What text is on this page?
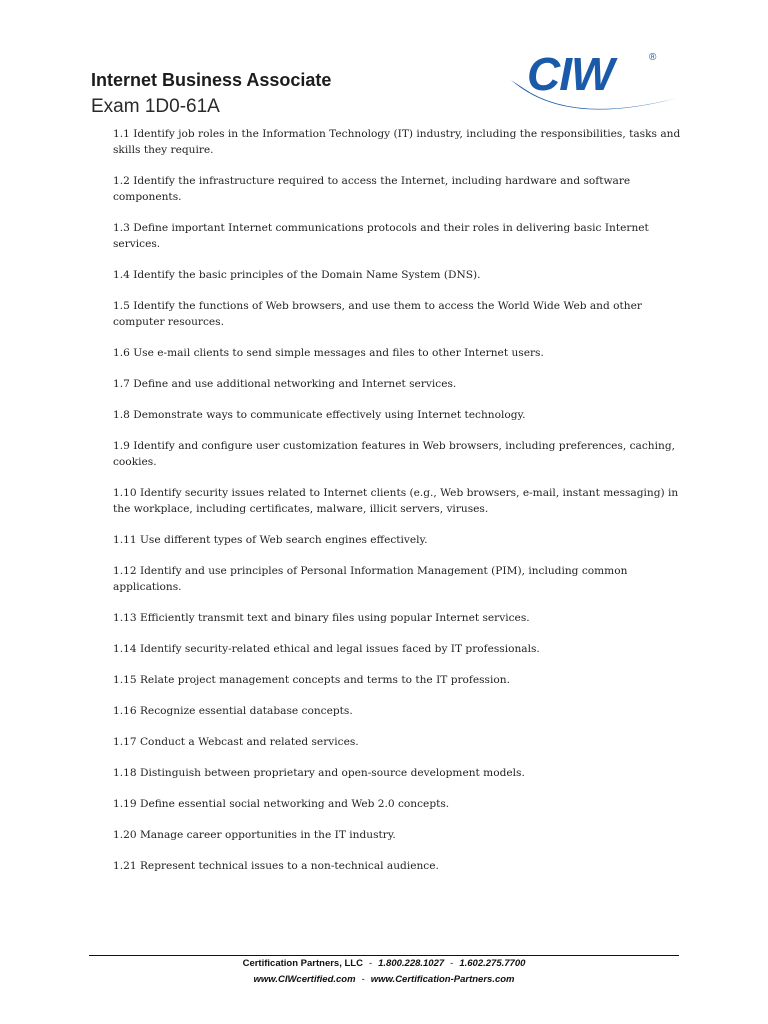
Internet Business Associate
Exam 1D0-61A
CIW	®
1.1 Identify job roles in the Information Technology (IT) industry, including the responsibilities, tasks and skills they require.
1.2 Identify the infrastructure required to access the Internet, including hardware and software components.
1.3 Define important Internet communications protocols and their roles in delivering basic Internet services.
1.4 Identify the basic principles of the Domain Name System (DNS).
1.5 Identify the functions of Web browsers, and use them to access the World Wide Web and other computer resources.
1.6 Use e-mail clients to send simple messages and files to other Internet users.
1.7 Define and use additional networking and Internet services.
1.8 Demonstrate ways to communicate effectively using Internet technology.
1.9 Identify and configure user customization features in Web browsers, including preferences, caching, cookies.
1.10 Identify security issues related to Internet clients (e.g., Web browsers, e-mail, instant messaging) in the workplace, including certificates, malware, illicit servers, viruses.
1.11 Use different types of Web search engines effectively.
1.12 Identify and use principles of Personal Information Management (PIM), including common applications.
1.13 Efficiently transmit text and binary files using popular Internet services.
1.14 Identify security-related ethical and legal issues faced by IT professionals.
1.15 Relate project management concepts and terms to the IT profession.
1.16 Recognize essential database concepts.
1.17 Conduct a Webcast and related services.
1.18 Distinguish between proprietary and open-source development models.
1.19 Define essential social networking and Web 2.0 concepts.
1.20 Manage career opportunities in the IT industry.
1.21 Represent technical issues to a non-technical audience.
Certification Partners, LLC - 1.800.228.1027 - 1.602.275.7700
www.CIWcertified.com - www.Certification-Partners.com
